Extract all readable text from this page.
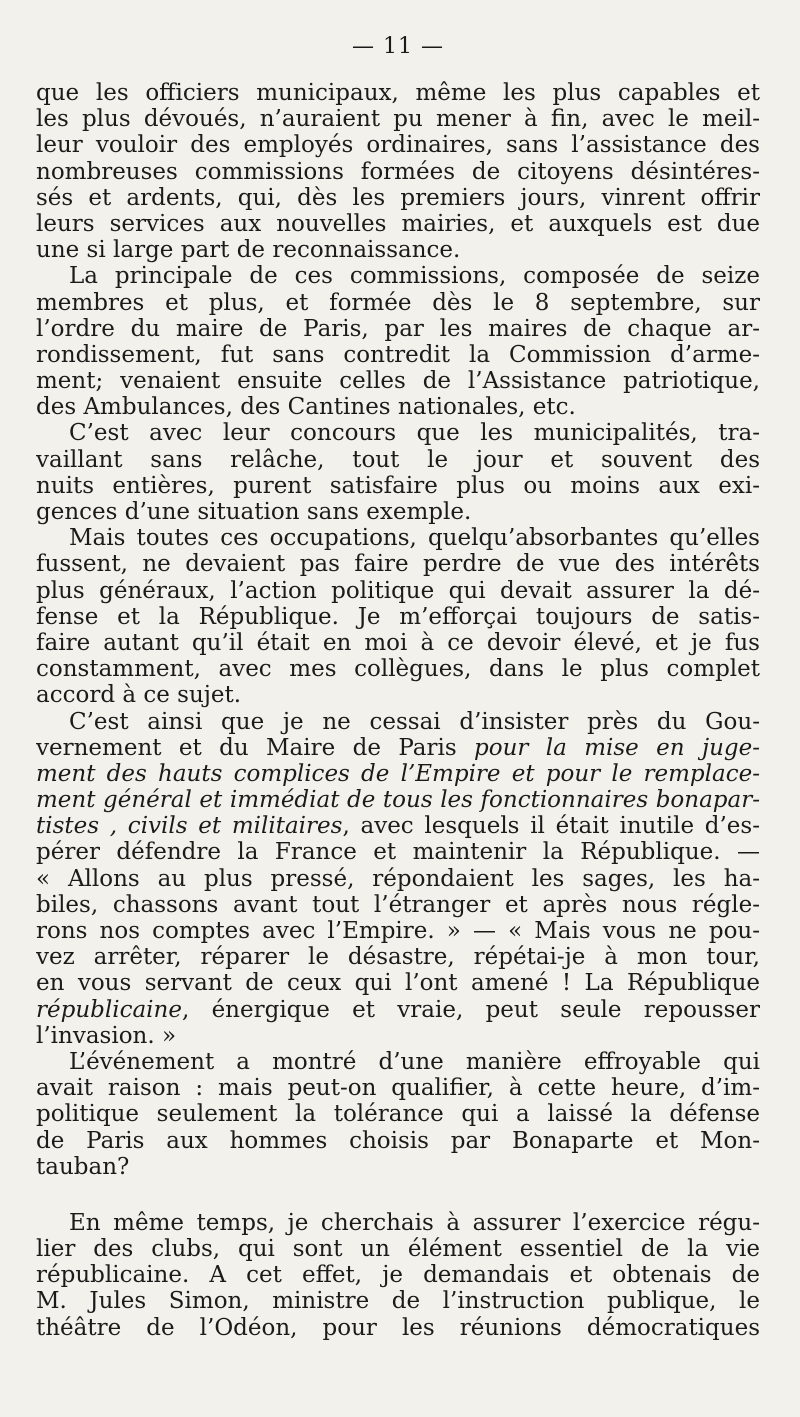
— 11 —
que les officiers municipaux, même les plus capables et
les plus dévoués, n’auraient pu mener à fin, avec le meil-
leur vouloir des employés ordinaires, sans l’assistance des
nombreuses commissions formées de citoyens désintéres-
sés et ardents, qui, dès les premiers jours, vinrent offrir
leurs services aux nouvelles mairies, et auxquels est due
une si large part de reconnaissance.
La principale de ces commissions, composée de seize
membres et plus, et formée dès le 8 septembre, sur
l’ordre du maire de Paris, par les maires de chaque ar-
rondissement, fut sans contredit la Commission d’arme-
ment; venaient ensuite celles de l’Assistance patriotique,
des Ambulances, des Cantines nationales, etc.
C’est avec leur concours que les municipalités, tra-
vaillant sans relâche, tout le jour et souvent des
nuits entières, purent satisfaire plus ou moins aux exi-
gences d’une situation sans exemple.
Mais toutes ces occupations, quelqu’absorbantes qu’elles
fussent, ne devaient pas faire perdre de vue des intérêts
plus généraux, l’action politique qui devait assurer la dé-
fense et la République. Je m’efforçai toujours de satis-
faire autant qu’il était en moi à ce devoir élevé, et je fus
constamment, avec mes collègues, dans le plus complet
accord à ce sujet.
C’est ainsi que je ne cessai d’insister près du Gou-
vernement et du Maire de Paris pour la mise en juge-
ment des hauts complices de l’Empire et pour le remplace-
ment général et immédiat de tous les fonctionnaires bonapar-
tistes , civils et militaires, avec lesquels il était inutile d’es-
pérer défendre la France et maintenir la République. —
« Allons au plus pressé, répondaient les sages, les ha-
biles, chassons avant tout l’étranger et après nous régle-
rons nos comptes avec l’Empire. » — « Mais vous ne pou-
vez arrêter, réparer le désastre, répétai-je à mon tour,
en vous servant de ceux qui l’ont amené ! La République
républicaine, énergique et vraie, peut seule repousser
l’invasion. »
L’événement a montré d’une manière effroyable qui
avait raison : mais peut-on qualifier, à cette heure, d’im-
politique seulement la tolérance qui a laissé la défense
de Paris aux hommes choisis par Bonaparte et Mon-
tauban?
En même temps, je cherchais à assurer l’exercice régu-
lier des clubs, qui sont un élément essentiel de la vie
républicaine. A cet effet, je demandais et obtenais de
M. Jules Simon, ministre de l’instruction publique, le
théâtre de l’Odéon, pour les réunions démocratiques
